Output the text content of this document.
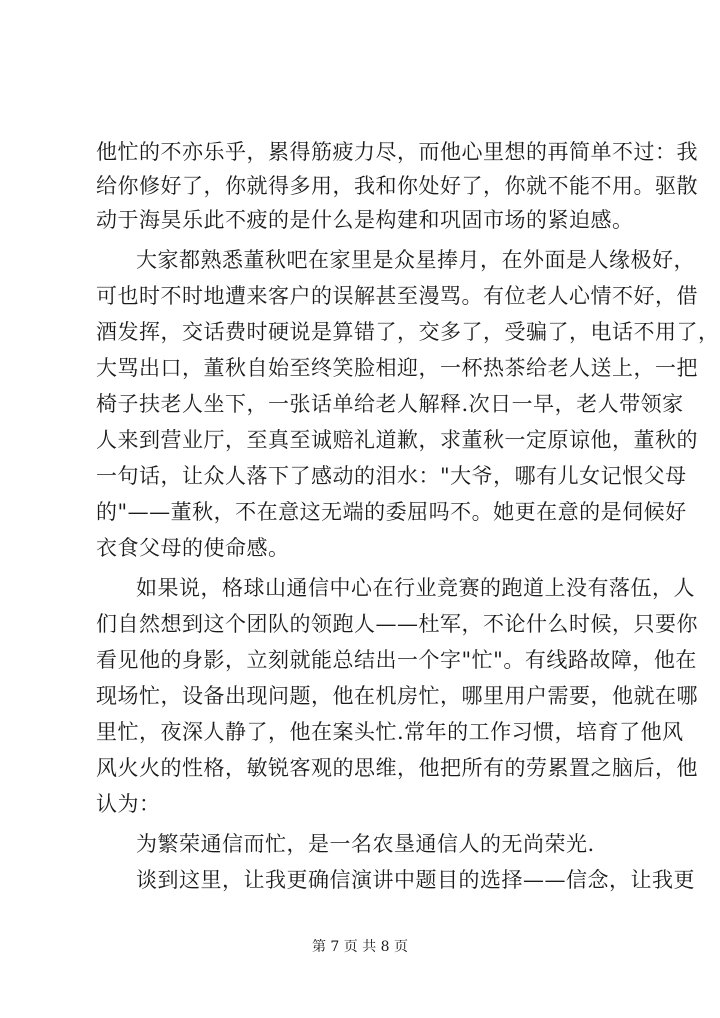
他忙的不亦乐乎，累得筋疲力尽，而他心里想的再简单不过：我
给你修好了，你就得多用，我和你处好了，你就不能不用。驱散
动于海昊乐此不疲的是什么是构建和巩固市场的紧迫感。
大家都熟悉董秋吧在家里是众星捧月，在外面是人缘极好，
可也时不时地遭来客户的误解甚至漫骂。有位老人心情不好，借
酒发挥，交话费时硬说是算错了，交多了，受骗了，电话不用了，
大骂出口，董秋自始至终笑脸相迎，一杯热茶给老人送上，一把
椅子扶老人坐下，一张话单给老人解释.次日一早，老人带领家
人来到营业厅，至真至诚赔礼道歉，求董秋一定原谅他，董秋的
一句话，让众人落下了感动的泪水："大爷，哪有儿女记恨父母
的"——董秋，不在意这无端的委屈吗不。她更在意的是伺候好
衣食父母的使命感。
如果说，格球山通信中心在行业竞赛的跑道上没有落伍，人
们自然想到这个团队的领跑人——杜军，不论什么时候，只要你
看见他的身影，立刻就能总结出一个字"忙"。有线路故障，他在
现场忙，设备出现问题，他在机房忙，哪里用户需要，他就在哪
里忙，夜深人静了，他在案头忙.常年的工作习惯，培育了他风
风火火的性格，敏锐客观的思维，他把所有的劳累置之脑后，他
认为：
为繁荣通信而忙，是一名农垦通信人的无尚荣光.
谈到这里，让我更确信演讲中题目的选择——信念，让我更
第 7 页 共 8 页
